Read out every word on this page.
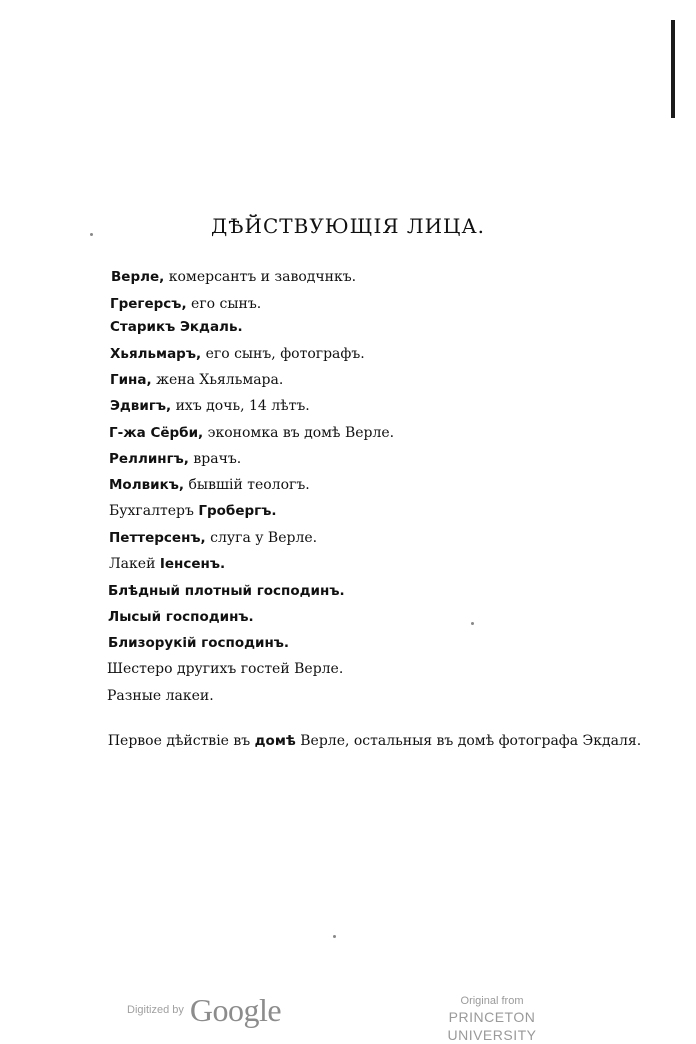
ДѢЙСТВУЮЩІЯ ЛИЦА.
Верле, комерсантъ и заводчнкъ.
Грегерсъ, его сынъ.
Старикъ Экдаль.
Хьяльмаръ, его сынъ, фотографъ.
Гина, жена Хьяльмара.
Эдвигъ, ихъ дочь, 14 лѣтъ.
Г-жа Сёрби, экономка въ домѣ Верле.
Реллингъ, врачъ.
Молвикъ, бывшій теологъ.
Бухгалтеръ Гробергъ.
Петтерсенъ, слуга у Верле.
Лакей Іенсенъ.
Блѣдный плотный господинъ.
Лысый господинъ.
Близорукій господинъ.
Шестеро другихъ гостей Верле.
Разные лакеи.
Первое дѣйствіе въ домѣ Верле, остальныя въ домѣ фотографа Экдаля.
Digitized by Google	Original from
PRINCETON UNIVERSITY
